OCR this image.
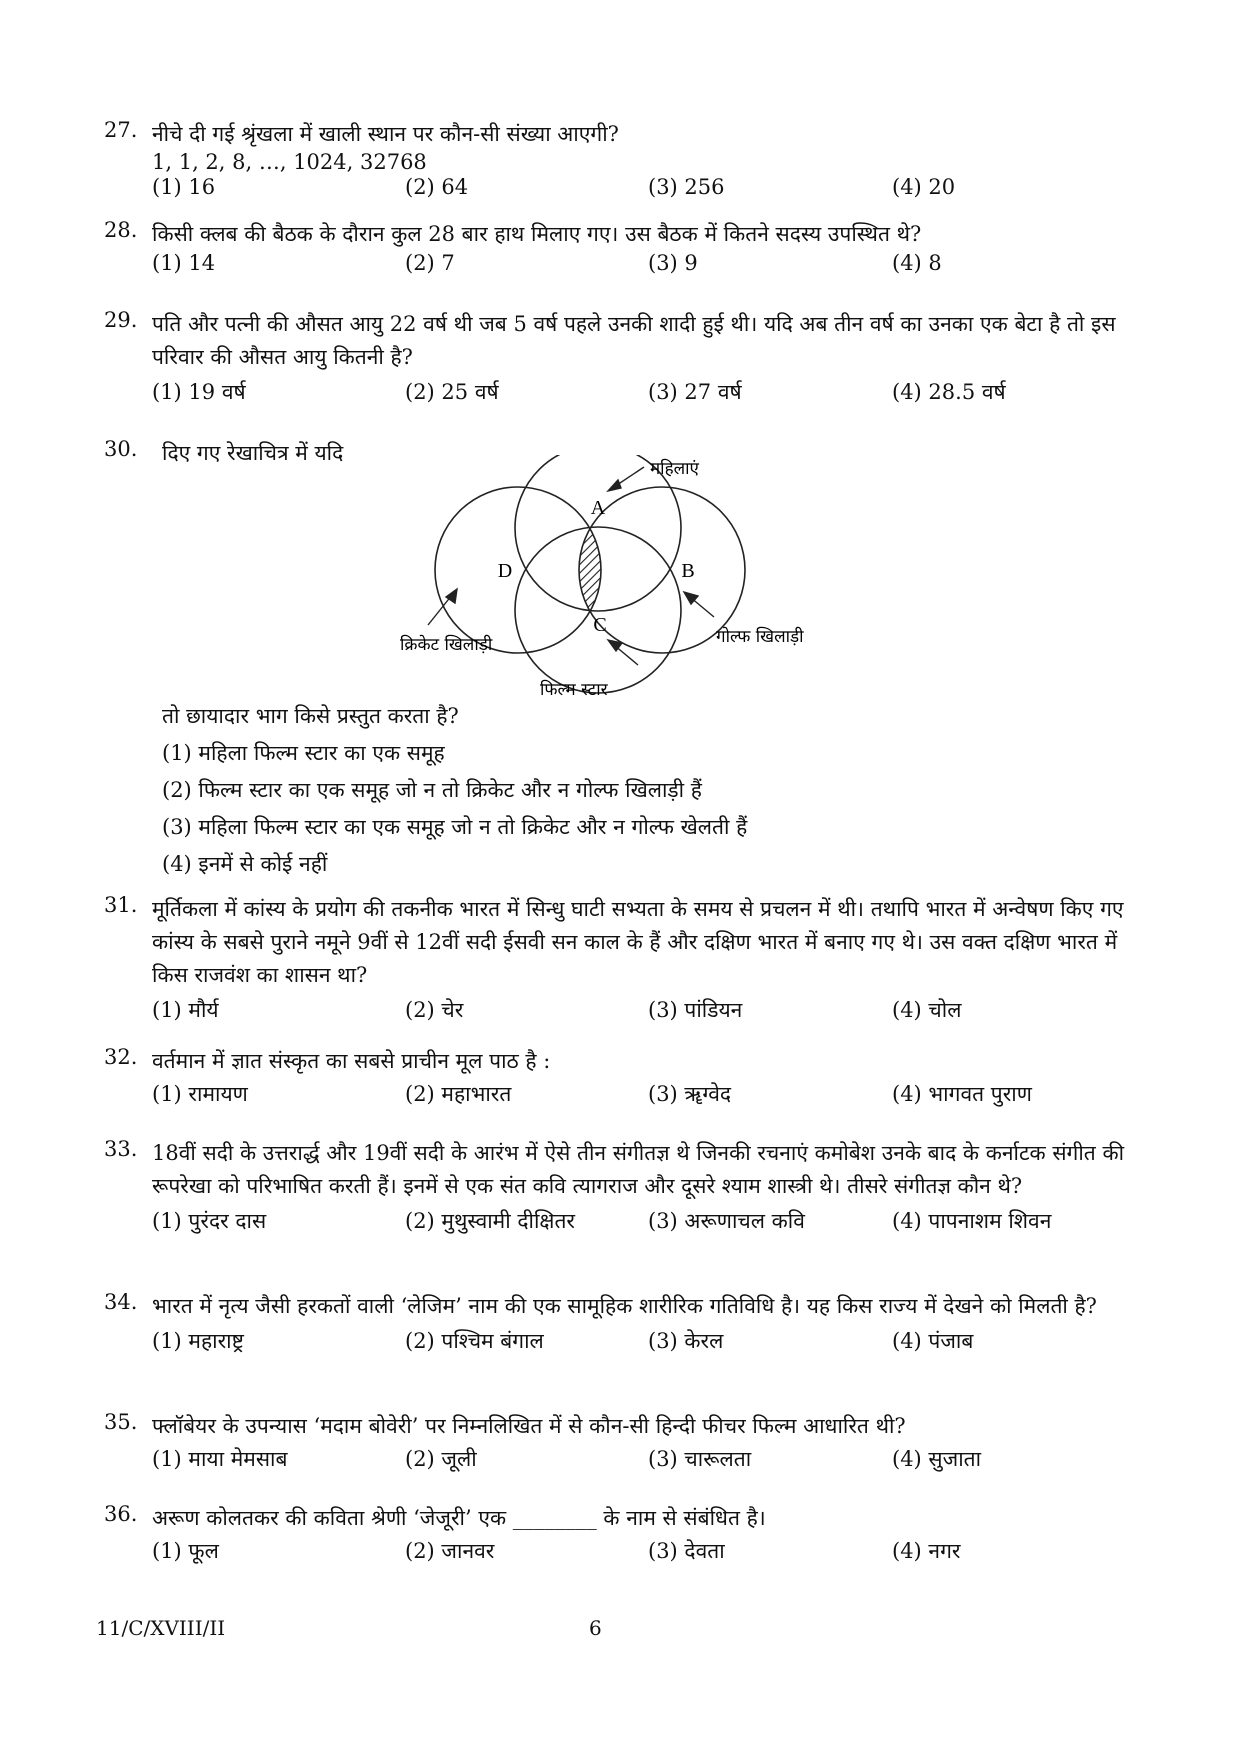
27. नीचे दी गई श्रृंखला में खाली स्थान पर कौन-सी संख्या आएगी?
1, 1, 2, 8, …, 1024, 32768
(1) 16	(2) 64	(3) 256	(4) 20
28. किसी क्लब की बैठक के दौरान कुल 28 बार हाथ मिलाए गए। उस बैठक में कितने सदस्य उपस्थित थे?
(1) 14	(2) 7	(3) 9	(4) 8
29. पति और पत्नी की औसत आयु 22 वर्ष थी जब 5 वर्ष पहले उनकी शादी हुई थी। यदि अब तीन वर्ष का उनका एक बेटा है तो इस परिवार की औसत आयु कितनी है?
(1) 19 वर्ष	(2) 25 वर्ष	(3) 27 वर्ष	(4) 28.5 वर्ष
30.	दिए गए रेखाचित्र में यदि
A
B
C
D
महिलाएं
क्रिकेट खिलाड़ी	गोल्फ खिलाड़ी
फिल्म स्टार
तो छायादार भाग किसे प्रस्तुत करता है?
(1) महिला फिल्म स्टार का एक समूह
(2) फिल्म स्टार का एक समूह जो न तो क्रिकेट और न गोल्फ खिलाड़ी हैं
(3) महिला फिल्म स्टार का एक समूह जो न तो क्रिकेट और न गोल्फ खेलती हैं
(4) इनमें से कोई नहीं
31. मूर्तिकला में कांस्य के प्रयोग की तकनीक भारत में सिन्धु घाटी सभ्यता के समय से प्रचलन में थी। तथापि भारत में अन्वेषण किए गए कांस्य के सबसे पुराने नमूने 9वीं से 12वीं सदी ईसवी सन काल के हैं और दक्षिण भारत में बनाए गए थे। उस वक्त दक्षिण भारत में किस राजवंश का शासन था?
(1) मौर्य	(2) चेर	(3) पांडियन	(4) चोल
32. वर्तमान में ज्ञात संस्कृत का सबसे प्राचीन मूल पाठ है :
(1) रामायण	(2) महाभारत	(3) ॠग्वेद	(4) भागवत पुराण
33. 18वीं सदी के उत्तरार्द्ध और 19वीं सदी के आरंभ में ऐसे तीन संगीतज्ञ थे जिनकी रचनाएं कमोबेश उनके बाद के कर्नाटक संगीत की रूपरेखा को परिभाषित करती हैं। इनमें से एक संत कवि त्यागराज और दूसरे श्याम शास्त्री थे। तीसरे संगीतज्ञ कौन थे?
(1) पुरंदर दास	(2) मुथुस्वामी दीक्षितर	(3) अरूणाचल कवि	(4) पापनाशम शिवन
34. भारत में नृत्य जैसी हरकतों वाली ‘लेजिम’ नाम की एक सामूहिक शारीरिक गतिविधि है। यह किस राज्य में देखने को मिलती है?
(1) महाराष्ट्र	(2) पश्चिम बंगाल	(3) केरल	(4) पंजाब
35. फ्लॉबेयर के उपन्यास ‘मदाम बोवेरी’ पर निम्नलिखित में से कौन-सी हिन्दी फीचर फिल्म आधारित थी?
(1) माया मेमसाब	(2) जूली	(3) चारूलता	(4) सुजाता
36. अरूण कोलतकर की कविता श्रेणी ‘जेजूरी’ एक ________ के नाम से संबंधित है।
(1) फूल	(2) जानवर	(3) देवता	(4) नगर
11/C/XVIII/II	6
